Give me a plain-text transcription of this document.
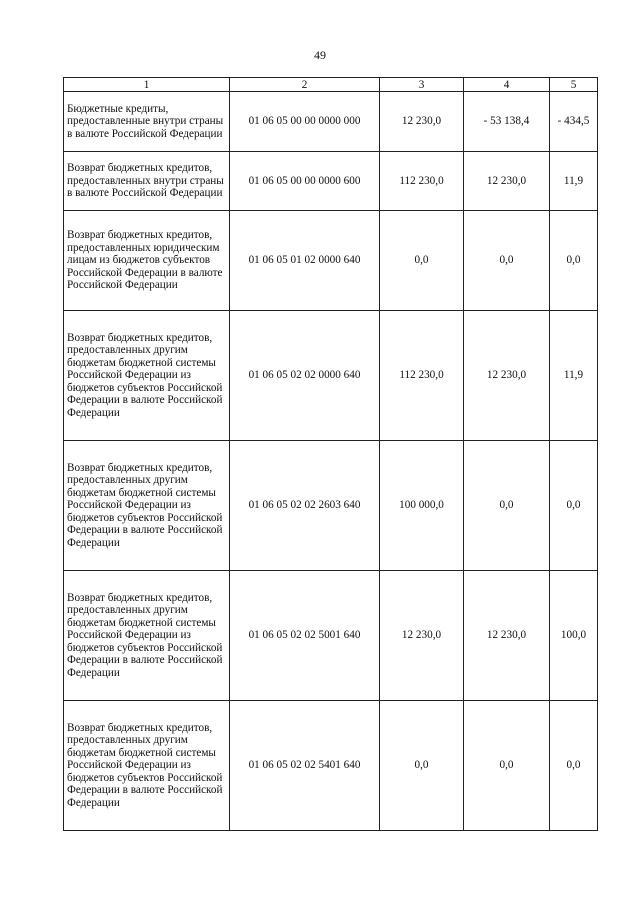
49
1	2	3	4	5
Бюджетные кредиты, предоставленные внутри страны в валюте Российской Федерации	01 06 05 00 00 0000 000	12 230,0	- 53 138,4	- 434,5
Возврат бюджетных кредитов, предоставленных внутри страны в валюте Российской Федерации	01 06 05 00 00 0000 600	112 230,0	12 230,0	11,9
Возврат бюджетных кредитов, предоставленных юридическим лицам из бюджетов субъектов Российской Федерации в валюте Российской Федерации	01 06 05 01 02 0000 640	0,0	0,0	0,0
Возврат бюджетных кредитов, предоставленных другим бюджетам бюджетной системы Российской Федерации из бюджетов субъектов Российской Федерации в валюте Российской Федерации	01 06 05 02 02 0000 640	112 230,0	12 230,0	11,9
Возврат бюджетных кредитов, предоставленных другим бюджетам бюджетной системы Российской Федерации из бюджетов субъектов Российской Федерации в валюте Российской Федерации	01 06 05 02 02 2603 640	100 000,0	0,0	0,0
Возврат бюджетных кредитов, предоставленных другим бюджетам бюджетной системы Российской Федерации из бюджетов субъектов Российской Федерации в валюте Российской Федерации	01 06 05 02 02 5001 640	12 230,0	12 230,0	100,0
Возврат бюджетных кредитов, предоставленных другим бюджетам бюджетной системы Российской Федерации из бюджетов субъектов Российской Федерации в валюте Российской Федерации	01 06 05 02 02 5401 640	0,0	0,0	0,0
